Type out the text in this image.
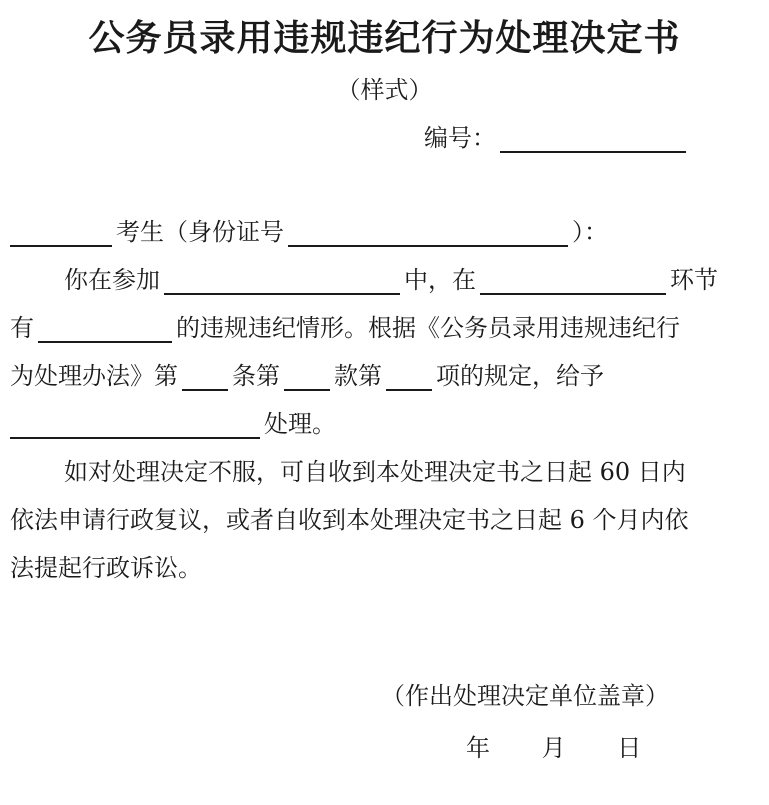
公务员录用违规违纪行为处理决定书
（样式）
编号：
考生（身份证号	）：
你在参加	中，在	环节
有	的违规违纪情形。根据《公务员录用违规违纪行
为处理办法》第 条第 款第 项的规定，给予
处理。
如对处理决定不服，可自收到本处理决定书之日起 60 日内
依法申请行政复议，或者自收到本处理决定书之日起 6 个月内依
法提起行政诉讼。
（作出处理决定单位盖章）
年 月 日
